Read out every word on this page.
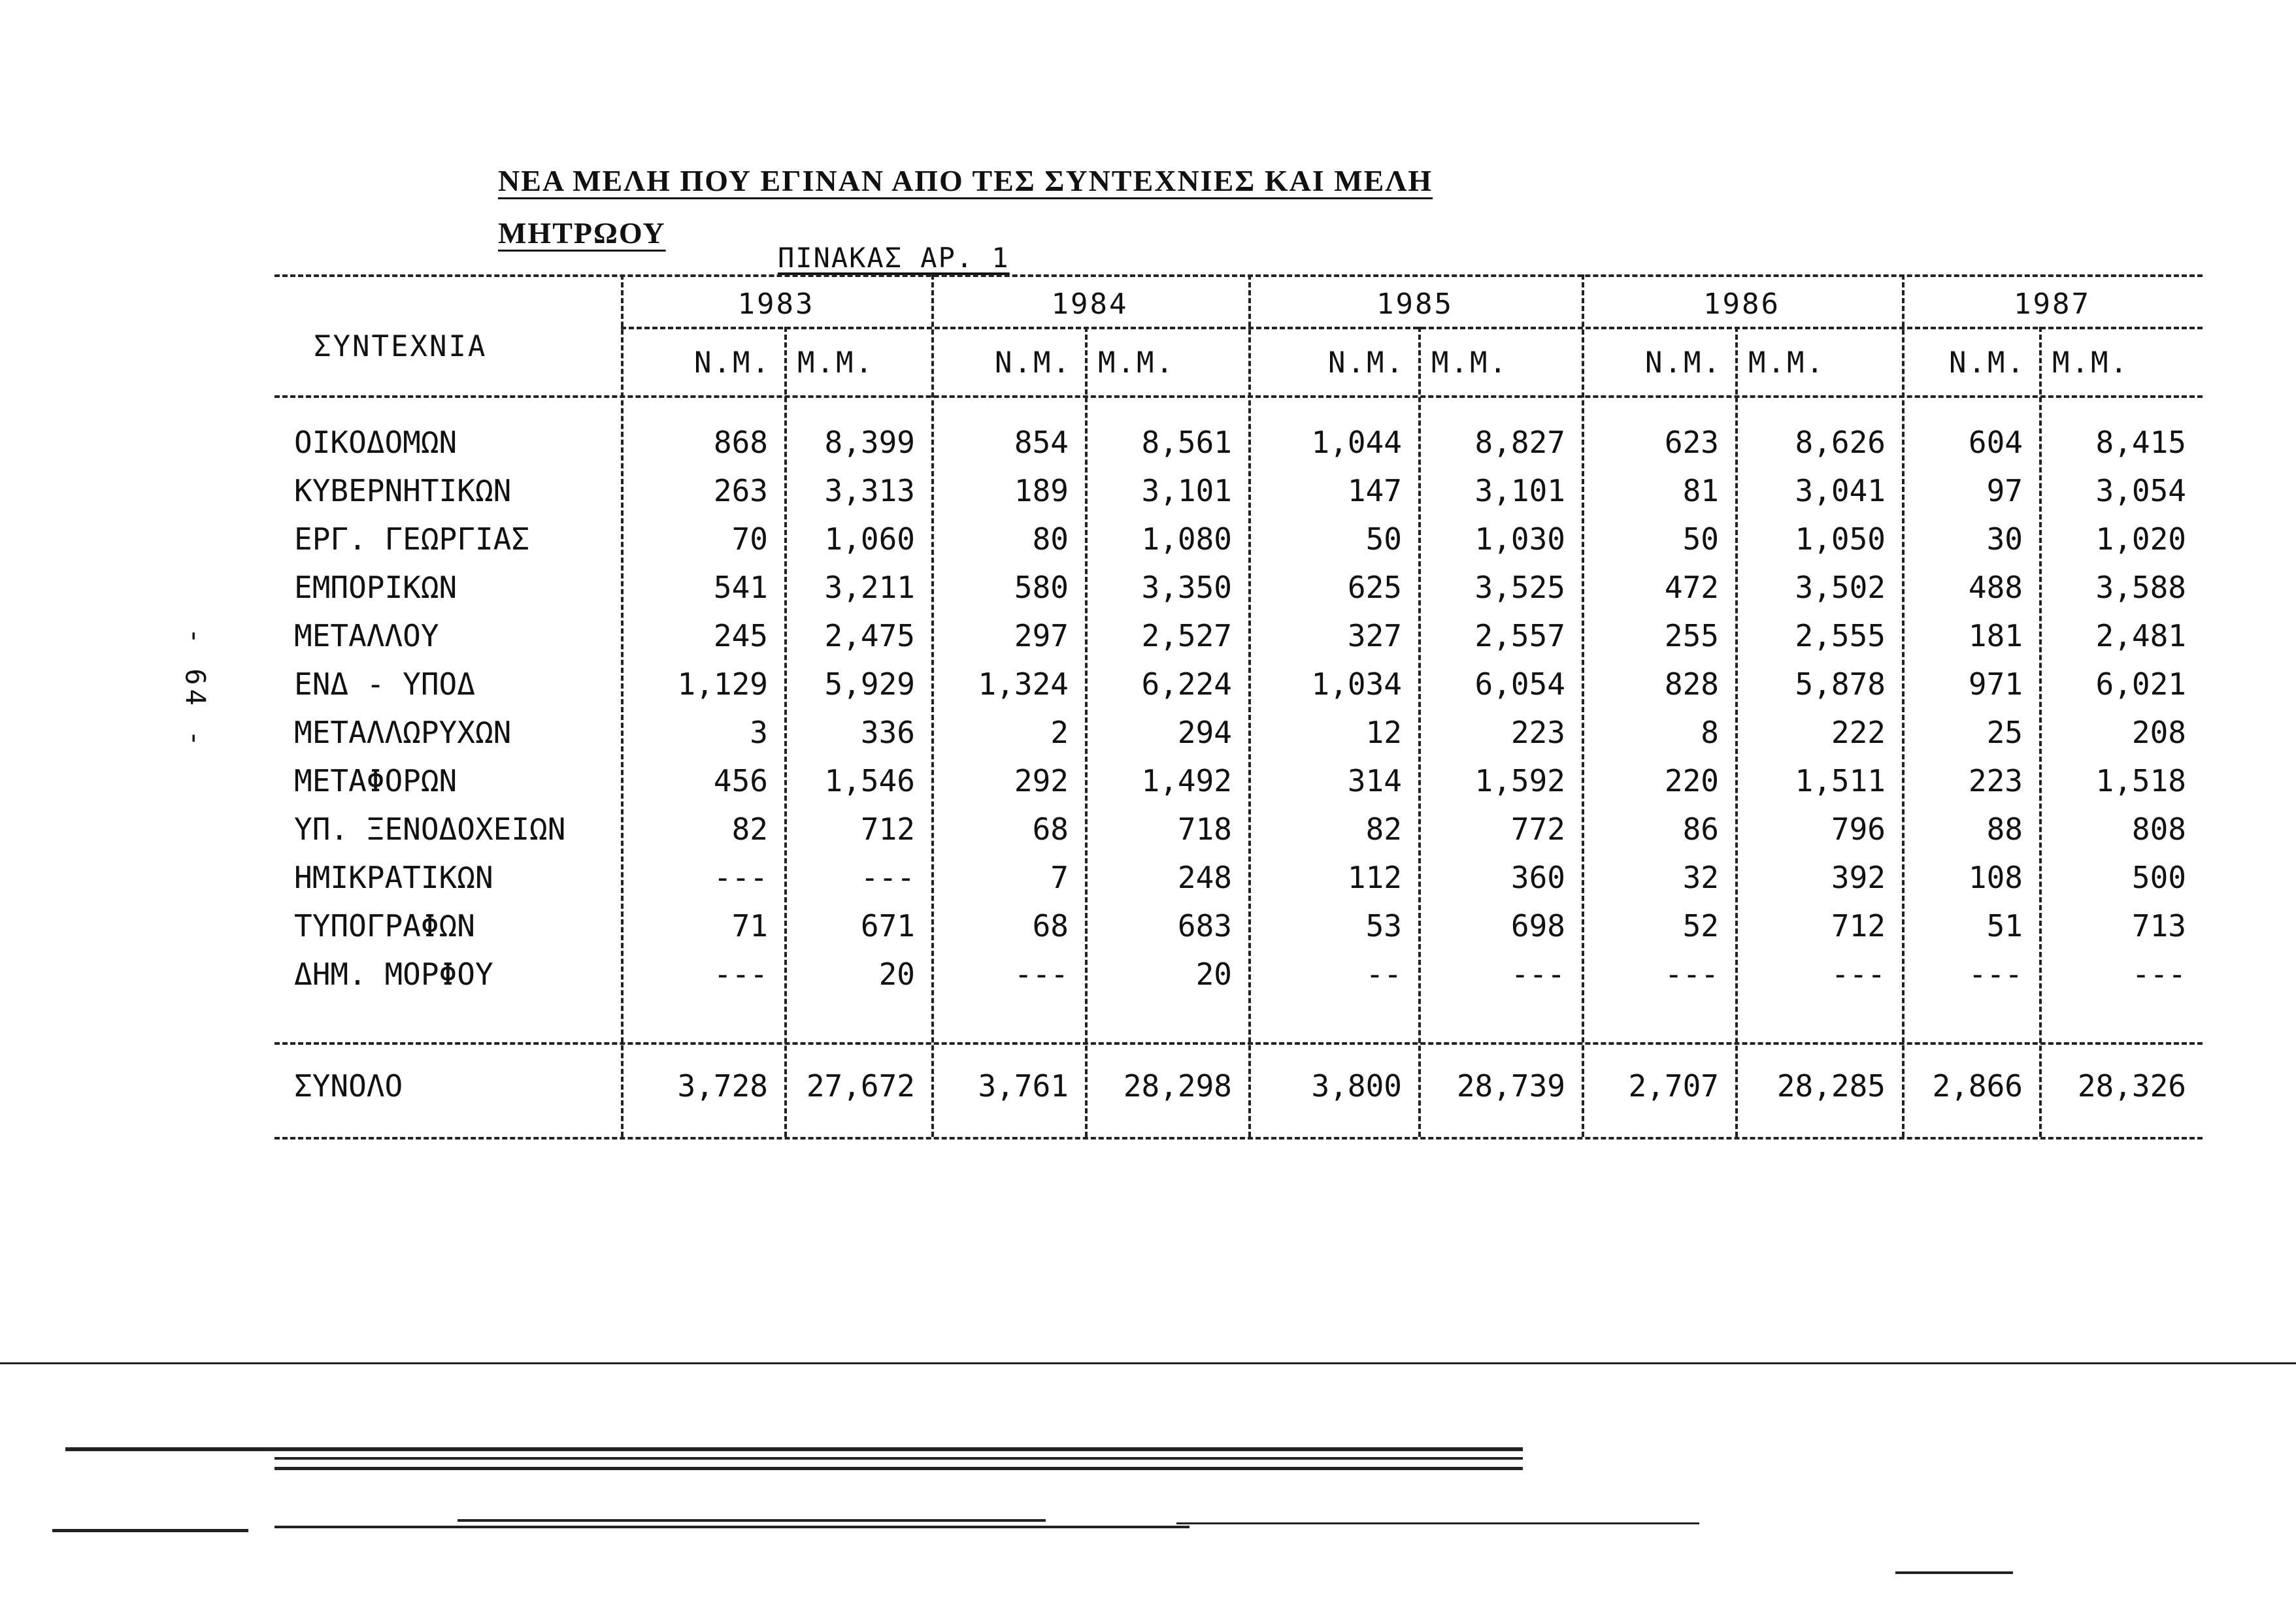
ΝΕΑ ΜΕΛΗ ΠΟΥ ΕΓΙΝΑΝ ΑΠΟ ΤΕΣ ΣΥΝΤΕΧΝΙΕΣ ΚΑΙ ΜΕΛΗ
ΜΗΤΡΩΟΥ
ΠΙΝΑΚΑΣ ΑΡ. 1
- 64 -
ΣΥΝΤΕΧΝΙΑ
1983	1984	1985	1986	1987
Ν.Μ. Μ.Μ.	Ν.Μ. Μ.Μ.	Ν.Μ. Μ.Μ.	Ν.Μ. Μ.Μ.	Ν.Μ. Μ.Μ.
ΟΙΚΟΔΟΜΩΝ	868	8,399	854	8,561	1,044	8,827	623	8,626	604	8,415
ΚΥΒΕΡΝΗΤΙΚΩΝ	263	3,313	189	3,101	147	3,101	81	3,041	97	3,054
ΕΡΓ. ΓΕΩΡΓΙΑΣ	70	1,060	80	1,080	50	1,030	50	1,050	30	1,020
ΕΜΠΟΡΙΚΩΝ	541	3,211	580	3,350	625	3,525	472	3,502	488	3,588
ΜΕΤΑΛΛΟΥ	245	2,475	297	2,527	327	2,557	255	2,555	181	2,481
ΕΝΔ - ΥΠΟΔ	1,129	5,929	1,324	6,224	1,034	6,054	828	5,878	971	6,021
ΜΕΤΑΛΛΩΡΥΧΩΝ	3	336	2	294	12	223	8	222	25	208
ΜΕΤΑΦΟΡΩΝ	456	1,546	292	1,492	314	1,592	220	1,511	223	1,518
ΥΠ. ΞΕΝΟΔΟΧΕΙΩΝ	82	712	68	718	82	772	86	796	88	808
ΗΜΙΚΡΑΤΙΚΩΝ	---	---	7	248	112	360	32	392	108	500
ΤΥΠΟΓΡΑΦΩΝ	71	671	68	683	53	698	52	712	51	713
ΔΗΜ. ΜΟΡΦΟΥ	---	20	---	20	--	---	---	---	---	---
ΣΥΝΟΛΟ	3,728	27,672	3,761	28,298	3,800	28,739	2,707	28,285	2,866	28,326
